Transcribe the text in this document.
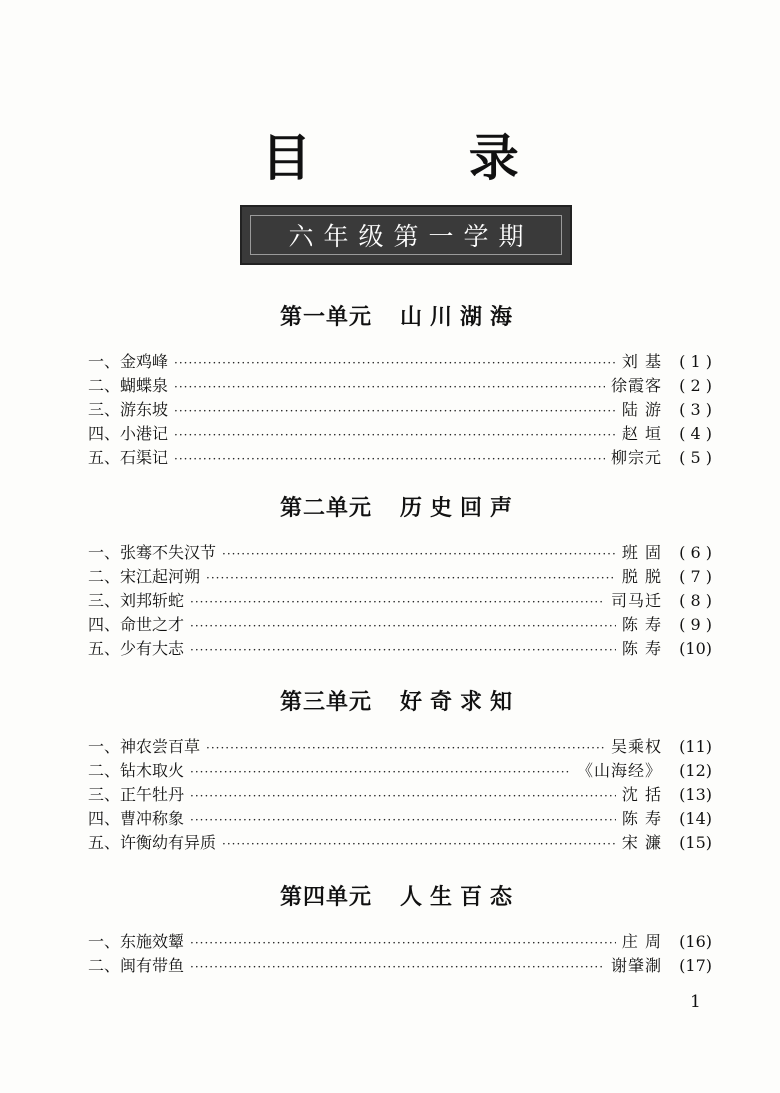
目 录
六年级第一学期
第一单元 山川湖海
一、金鸡峰 ·····	刘 基	( 1 )
二、蝴蝶泉 ·····	徐霞客	( 2 )
三、游东坡 ·····	陆 游	( 3 )
四、小港记 ·····	赵 垣	( 4 )
五、石渠记 ·····	柳宗元	( 5 )
第二单元 历史回声
一、张骞不失汉节 ·····	班 固	( 6 )
二、宋江起河朔 ·····	脱 脱	( 7 )
三、刘邦斩蛇 ·····	司马迁	( 8 )
四、命世之才 ·····	陈 寿	( 9 )
五、少有大志 ·····	陈 寿	(10)
第三单元 好奇求知
一、神农尝百草 ·····	吴乘权	(11)
二、钻木取火 ·····	《山海经》	(12)
三、正午牡丹 ·····	沈 括	(13)
四、曹冲称象 ·····	陈 寿	(14)
五、许衡幼有异质 ·····	宋 濂	(15)
第四单元 人生百态
一、东施效颦 ·····	庄 周	(16)
二、闽有带鱼 ·····	谢肇淛	(17)
1
